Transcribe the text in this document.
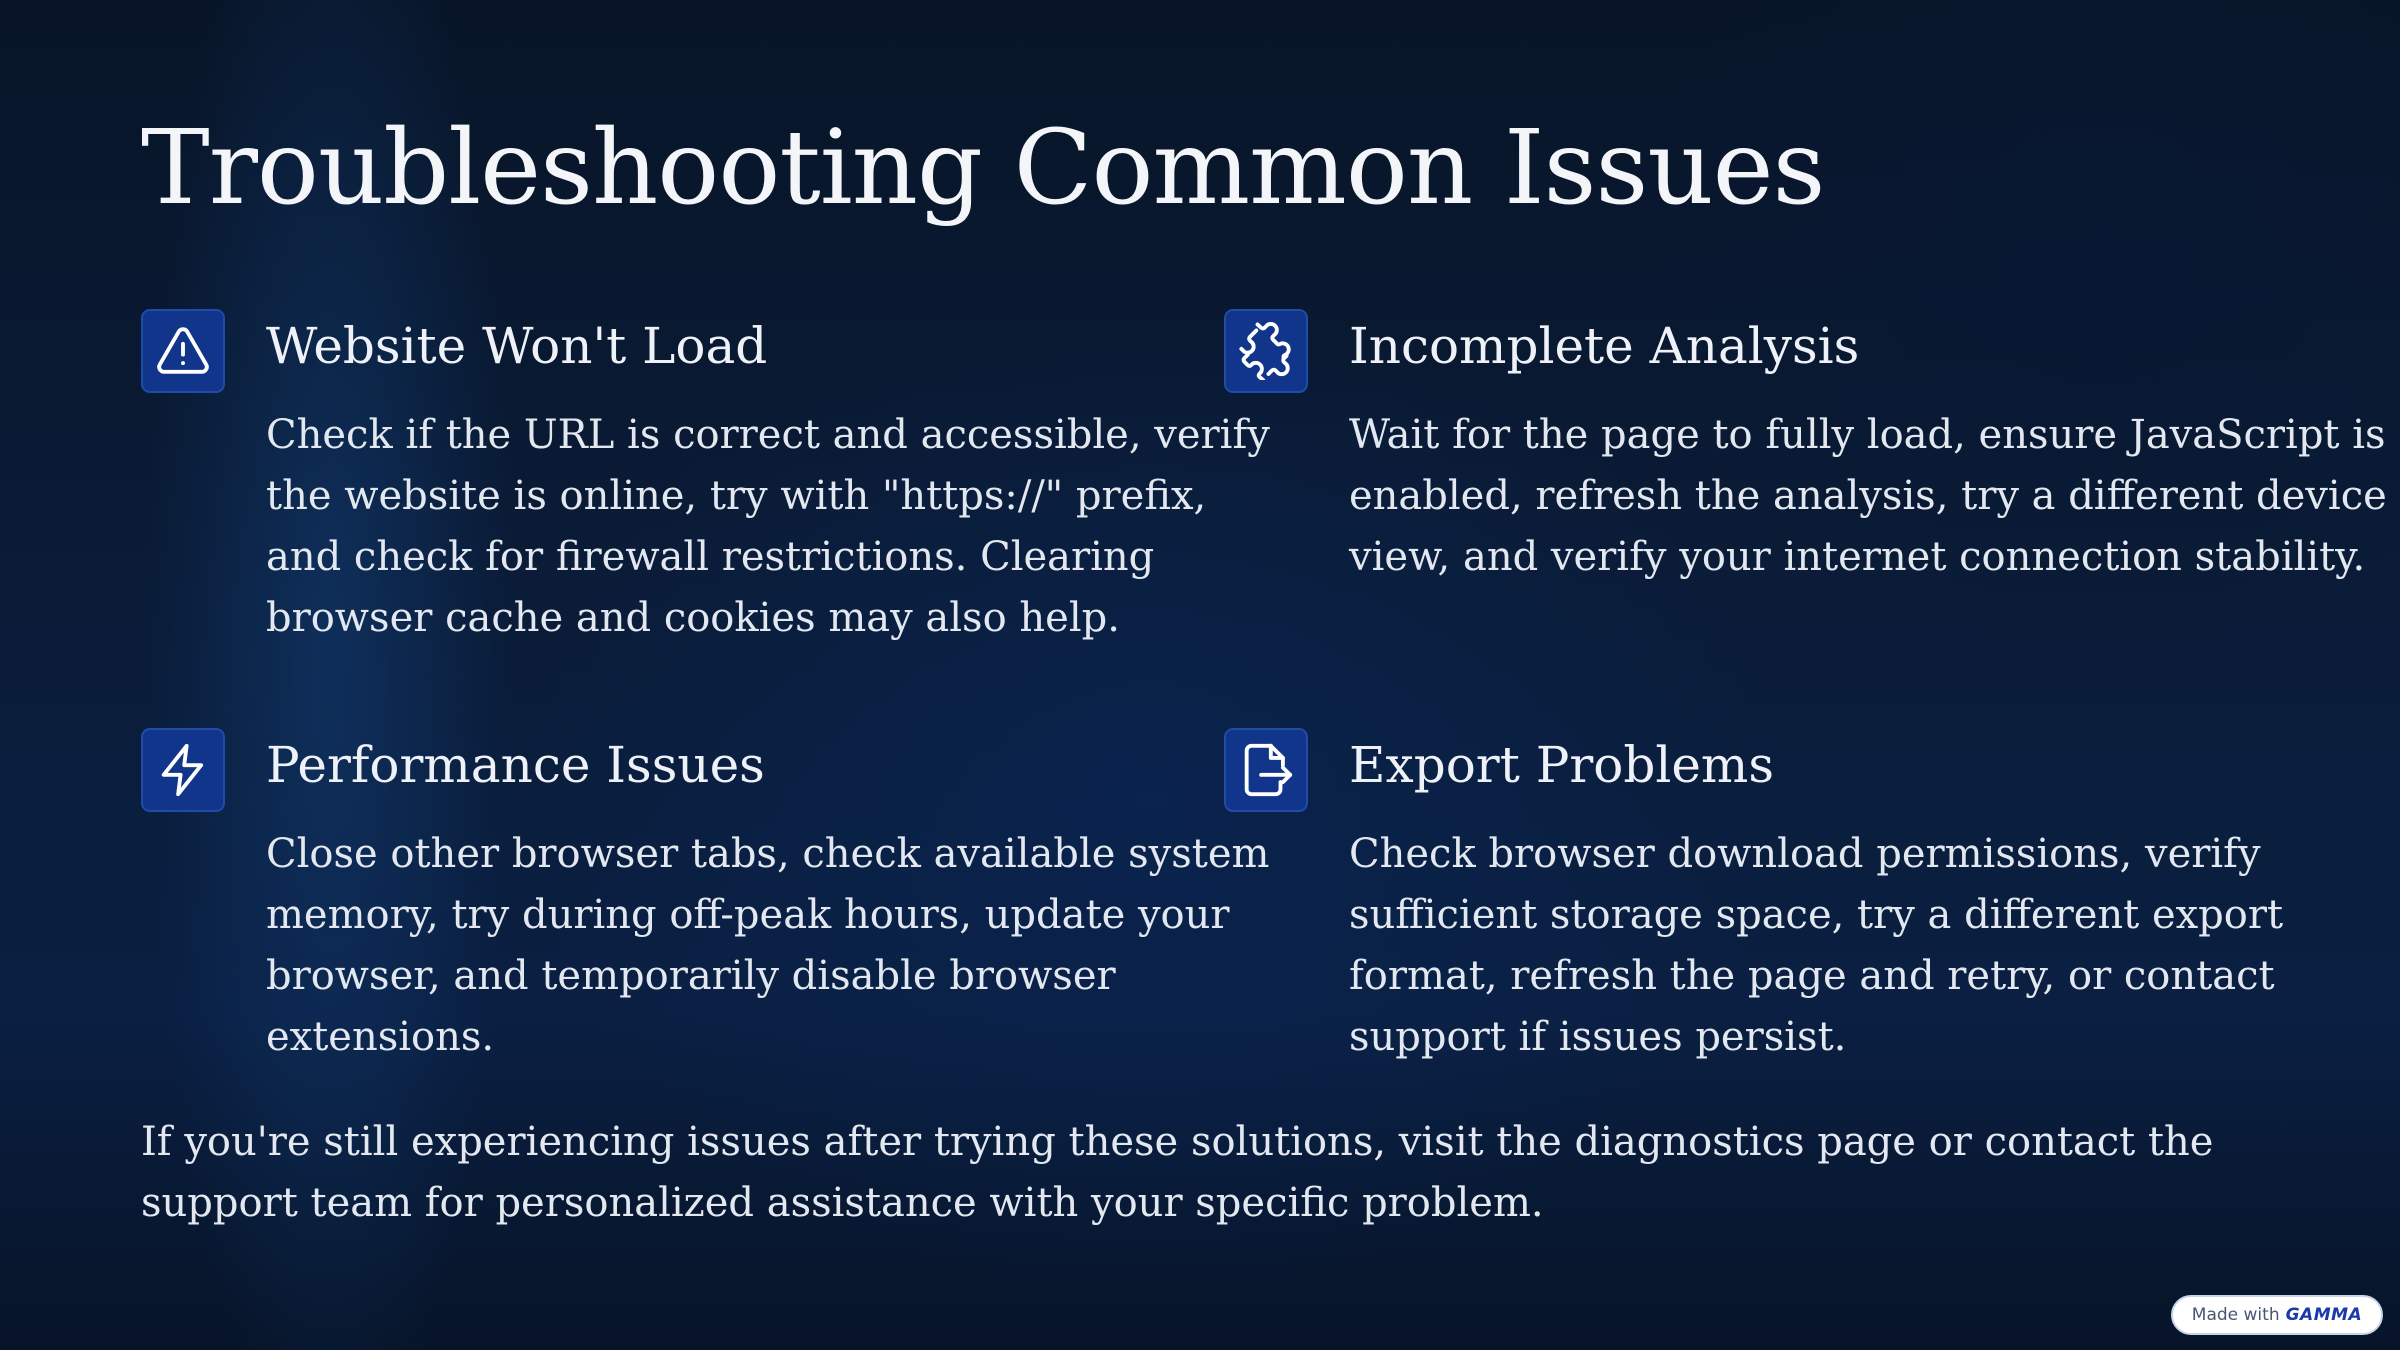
Troubleshooting Common Issues
Website Won't Load

Check if the URL is correct and accessible, verify the website is online, try with "https://" prefix, and check for firewall restrictions. Clearing browser cache and cookies may also help.

Incomplete Analysis

Wait for the page to fully load, ensure JavaScript is enabled, refresh the analysis, try a different device view, and verify your internet connection stability.

Performance Issues

Close other browser tabs, check available system memory, try during off-peak hours, update your browser, and temporarily disable browser extensions.

Export Problems

Check browser download permissions, verify sufficient storage space, try a different export format, refresh the page and retry, or contact support if issues persist.

If you're still experiencing issues after trying these solutions, visit the diagnostics page or contact the support team for personalized assistance with your specific problem.

Made with GAMMA
